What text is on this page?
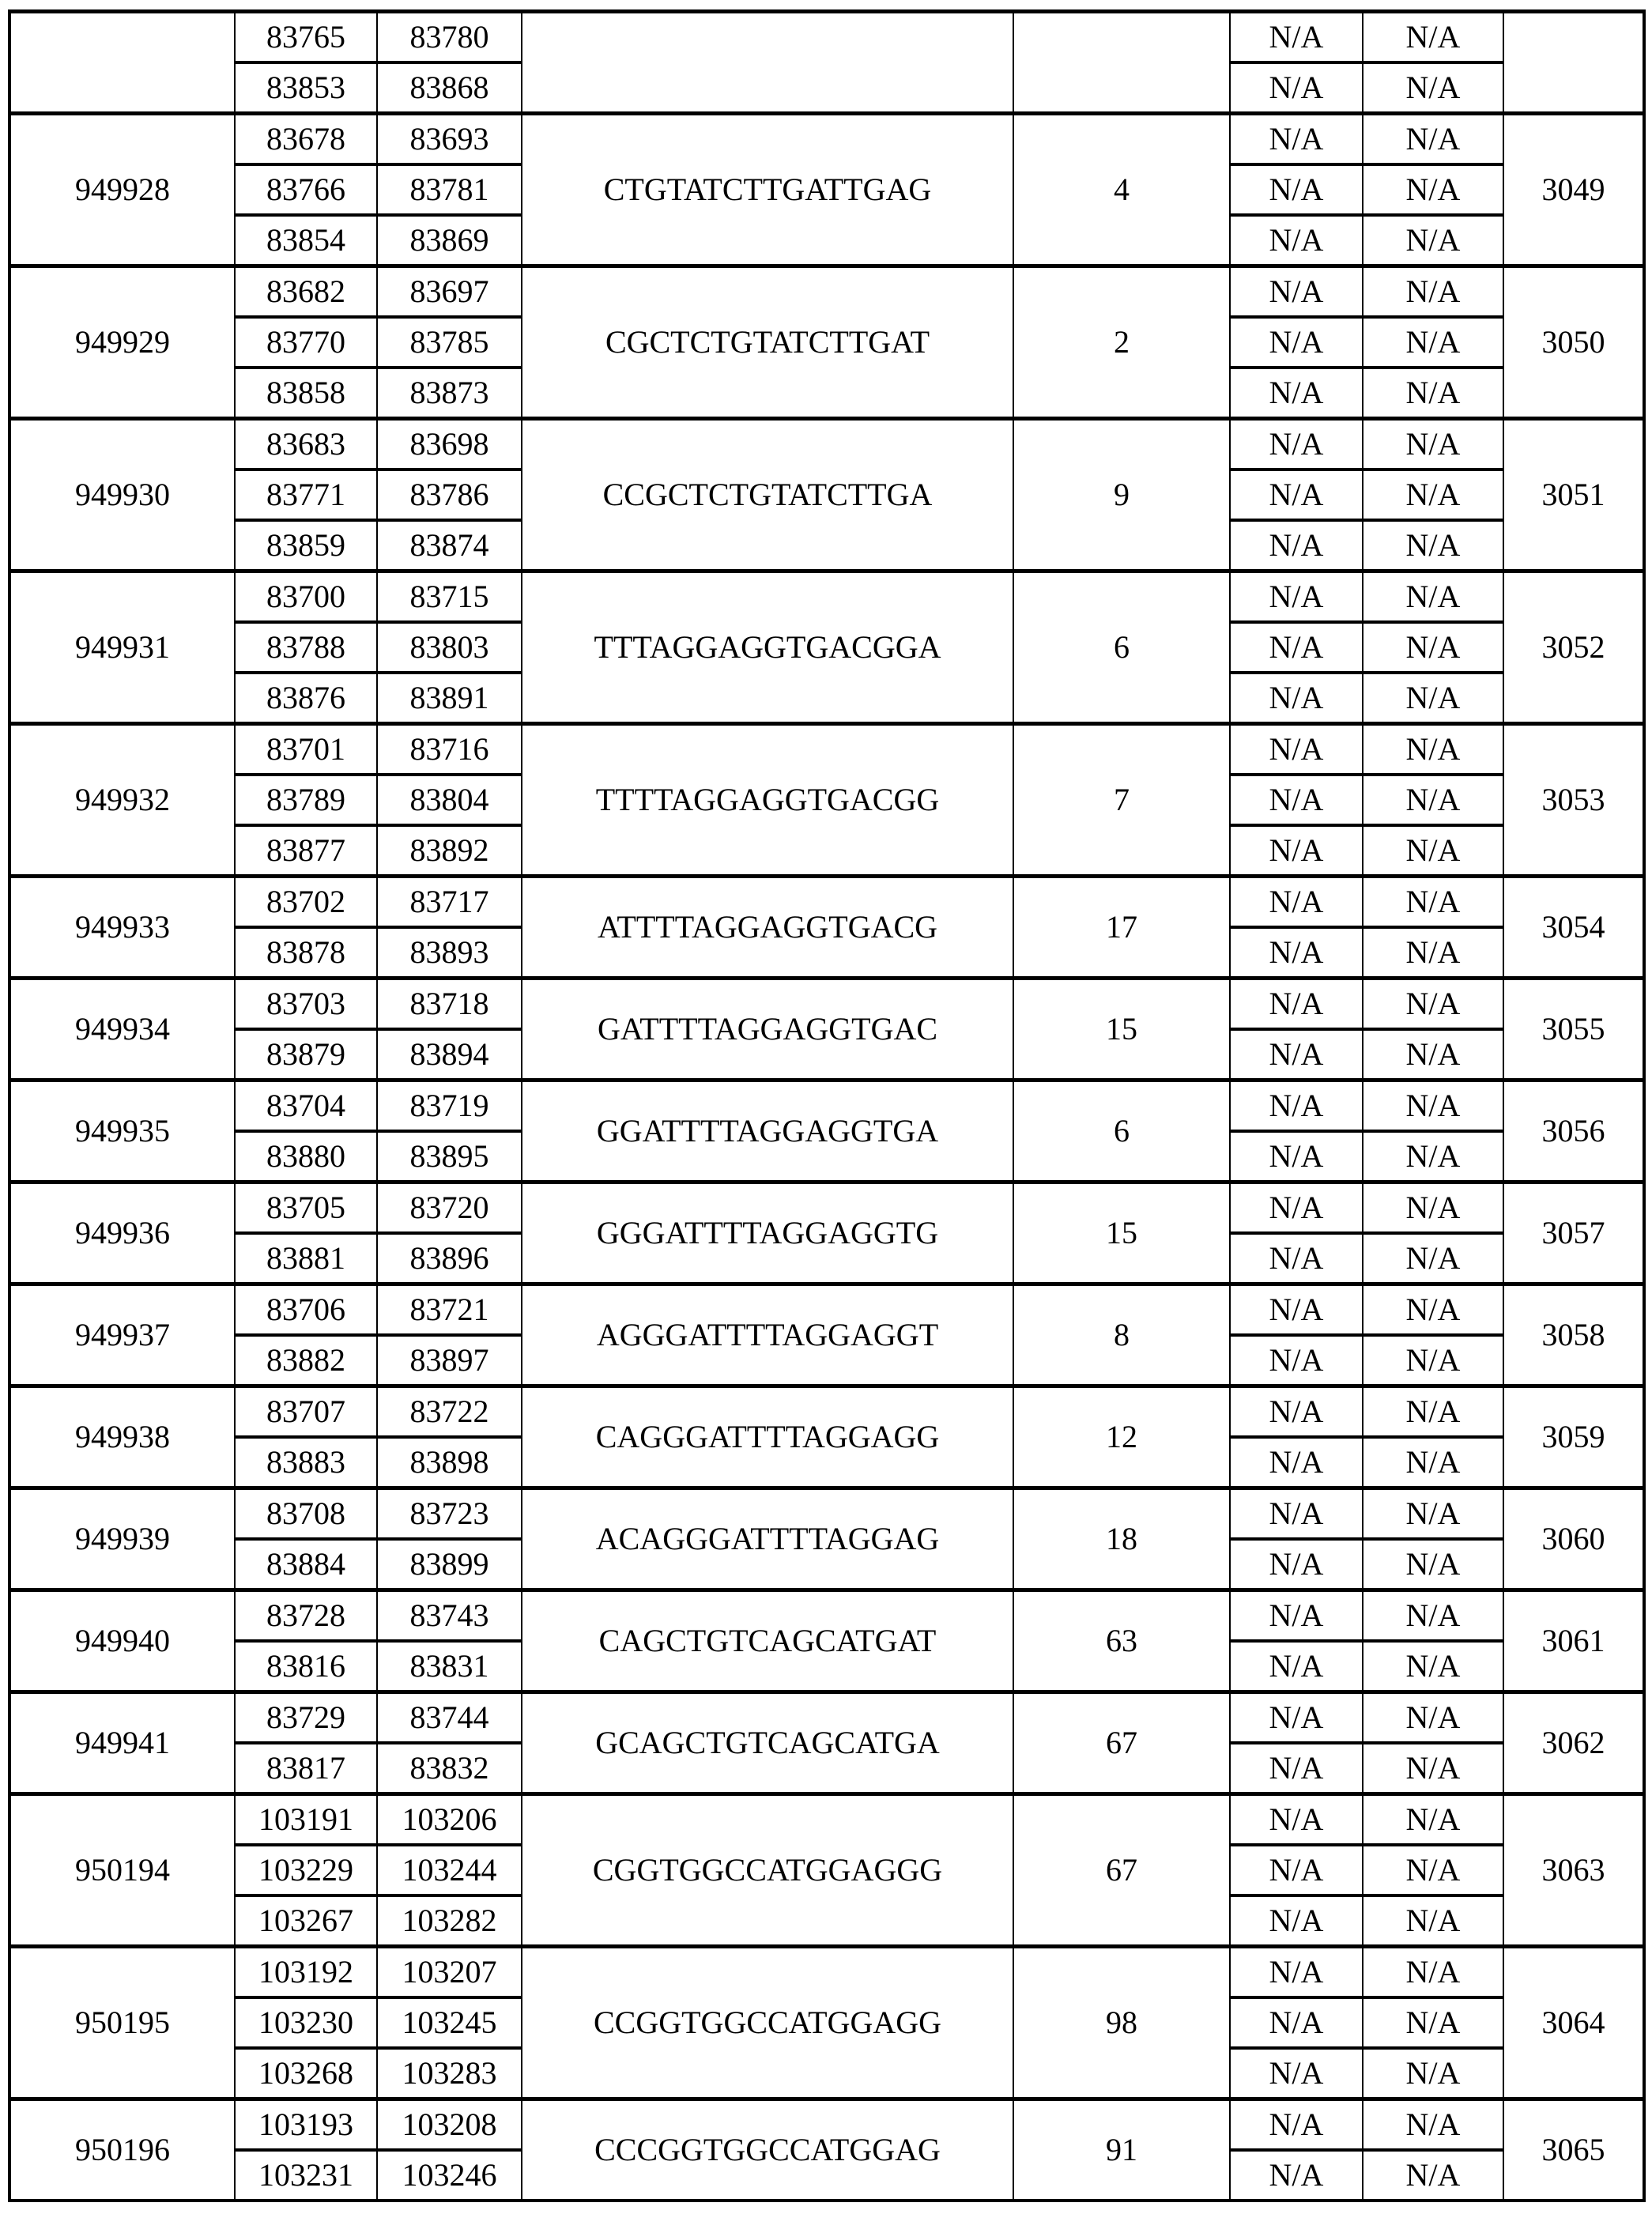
	83765	83780			N/A	N/A	
	83853	83868			N/A	N/A	
949928	83678	83693	CTGTATCTTGATTGAG	4	N/A	N/A	3049
	83766	83781			N/A	N/A	
	83854	83869			N/A	N/A	
949929	83682	83697	CGCTCTGTATCTTGAT	2	N/A	N/A	3050
	83770	83785			N/A	N/A	
	83858	83873			N/A	N/A	
949930	83683	83698	CCGCTCTGTATCTTGA	9	N/A	N/A	3051
	83771	83786			N/A	N/A	
	83859	83874			N/A	N/A	
949931	83700	83715	TTTAGGAGGTGACGGA	6	N/A	N/A	3052
	83788	83803			N/A	N/A	
	83876	83891			N/A	N/A	
949932	83701	83716	TTTTAGGAGGTGACGG	7	N/A	N/A	3053
	83789	83804			N/A	N/A	
	83877	83892			N/A	N/A	
949933	83702	83717	ATTTTAGGAGGTGACG	17	N/A	N/A	3054
	83878	83893			N/A	N/A	
949934	83703	83718	GATTTTAGGAGGTGAC	15	N/A	N/A	3055
	83879	83894			N/A	N/A	
949935	83704	83719	GGATTTTAGGAGGTGA	6	N/A	N/A	3056
	83880	83895			N/A	N/A	
949936	83705	83720	GGGATTTTAGGAGGTG	15	N/A	N/A	3057
	83881	83896			N/A	N/A	
949937	83706	83721	AGGGATTTTAGGAGGT	8	N/A	N/A	3058
	83882	83897			N/A	N/A	
949938	83707	83722	CAGGGATTTTAGGAGG	12	N/A	N/A	3059
	83883	83898			N/A	N/A	
949939	83708	83723	ACAGGGATTTTAGGAG	18	N/A	N/A	3060
	83884	83899			N/A	N/A	
949940	83728	83743	CAGCTGTCAGCATGAT	63	N/A	N/A	3061
	83816	83831			N/A	N/A	
949941	83729	83744	GCAGCTGTCAGCATGA	67	N/A	N/A	3062
	83817	83832			N/A	N/A	
950194	103191	103206	CGGTGGCCATGGAGGG	67	N/A	N/A	3063
	103229	103244			N/A	N/A	
	103267	103282			N/A	N/A	
950195	103192	103207	CCGGTGGCCATGGAGG	98	N/A	N/A	3064
	103230	103245			N/A	N/A	
	103268	103283			N/A	N/A	
950196	103193	103208	CCCGGTGGCCATGGAG	91	N/A	N/A	3065
	103231	103246			N/A	N/A	
